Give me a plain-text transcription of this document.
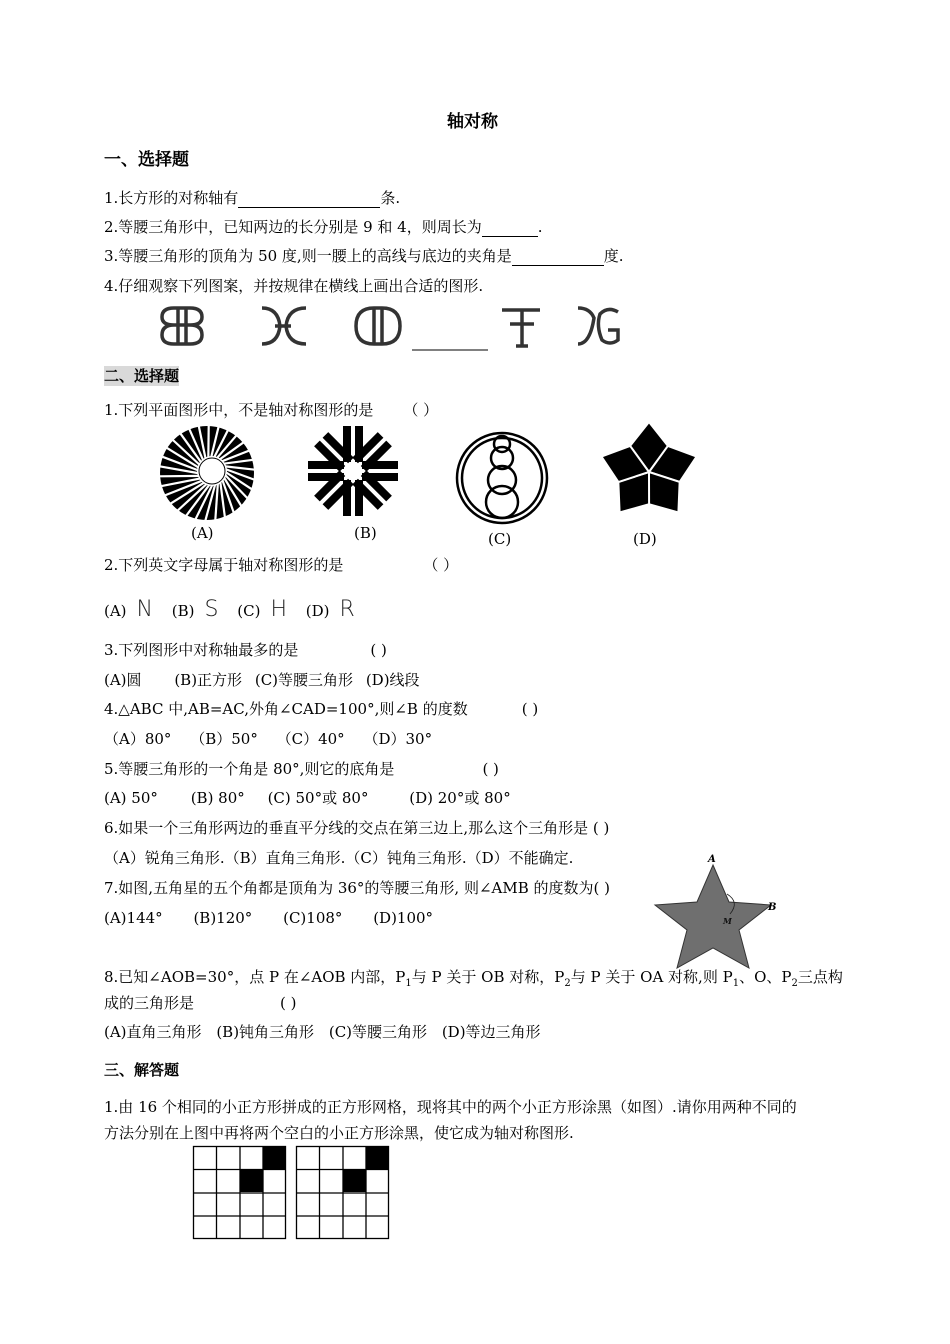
轴对称
一、选择题
1.长方形的对称轴有	条.
2.等腰三角形中，已知两边的长分别是 9 和 4，则周长为	.
3.等腰三角形的顶角为 50 度,则一腰上的高线与底边的夹角是	度.
4.仔细观察下列图案，并按规律在横线上画出合适的图形.
二、选择题
1.下列平面图形中，不是轴对称图形的是 （ ）
(A)	(B)	(C)	(D)
2.下列英文字母属于轴对称图形的是	（ ）
(A) N (B) S (C) H (D) R
3.下列图形中对称轴最多的是	( )
(A)圆 (B)正方形 (C)等腰三角形 (D)线段
4.△ABC 中,AB=AC,外角∠CAD=100°,则∠B 的度数	( )
（A）80° （B）50° （C）40° （D）30°
5.等腰三角形的一个角是 80°,则它的底角是	( )
(A) 50° (B) 80° (C) 50°或 80°	(D) 20°或 80°
6.如果一个三角形两边的垂直平分线的交点在第三边上,那么这个三角形是 ( )
（A）锐角三角形.（B）直角三角形.（C）钝角三角形.（D）不能确定.
7.如图,五角星的五个角都是顶角为 36°的等腰三角形, 则∠AMB 的度数为( )
(A)144° (B)120° (C)108° (D)100°
A
B
M
8.已知∠AOB=30°，点 P 在∠AOB 内部，$P_1$与 P 关于 OB 对称，$P_2$与 P 关于 OA 对称,则 $P_1$、O、$P_2$三点构
成的三角形是	( )
(A)直角三角形 (B)钝角三角形 (C)等腰三角形 (D)等边三角形
三、解答题
1.由 16 个相同的小正方形拼成的正方形网格，现将其中的两个小正方形涂黑（如图）.请你用两种不同的
方法分别在上图中再将两个空白的小正方形涂黑，使它成为轴对称图形.
